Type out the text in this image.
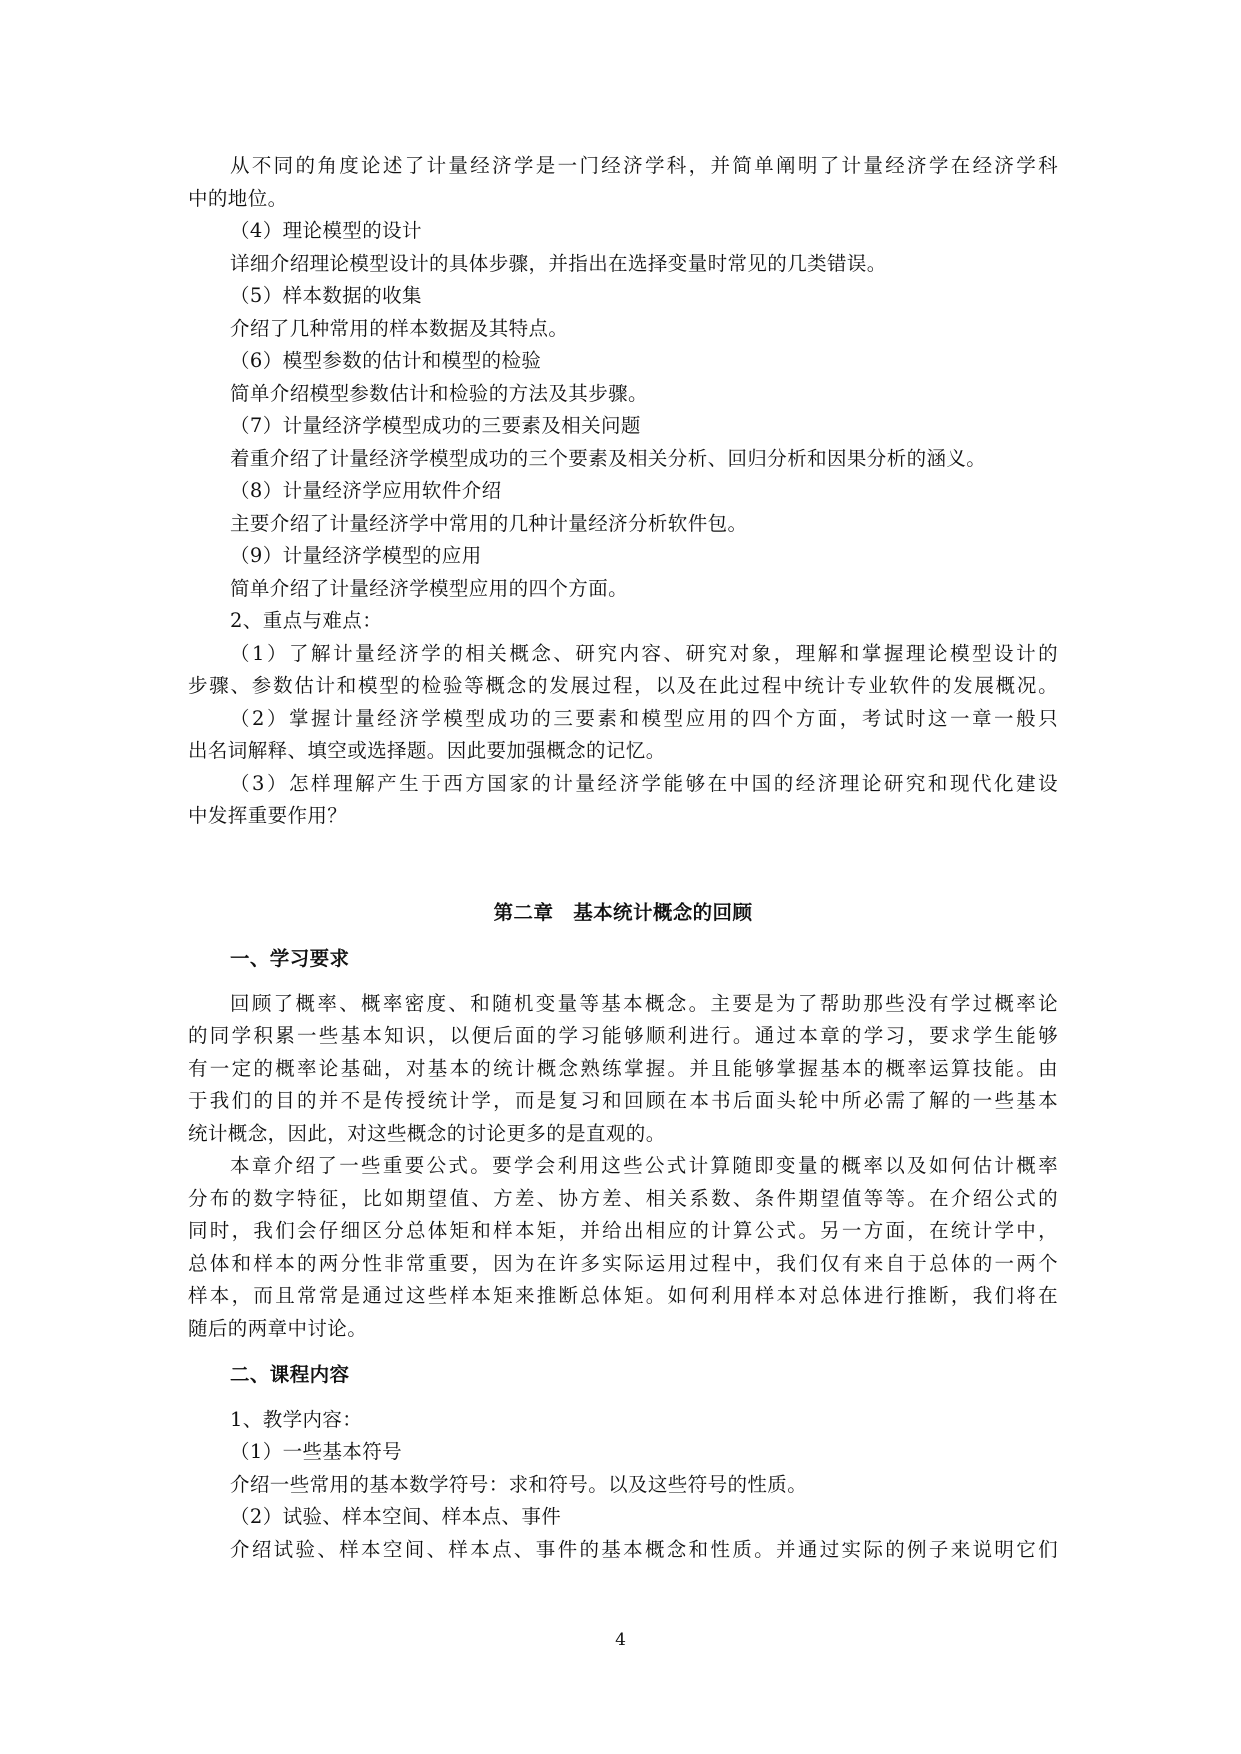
从不同的角度论述了计量经济学是一门经济学科，并简单阐明了计量经济学在经济学科
中的地位。
（4）理论模型的设计
详细介绍理论模型设计的具体步骤，并指出在选择变量时常见的几类错误。
（5）样本数据的收集
介绍了几种常用的样本数据及其特点。
（6）模型参数的估计和模型的检验
简单介绍模型参数估计和检验的方法及其步骤。
（7）计量经济学模型成功的三要素及相关问题
着重介绍了计量经济学模型成功的三个要素及相关分析、回归分析和因果分析的涵义。
（8）计量经济学应用软件介绍
主要介绍了计量经济学中常用的几种计量经济分析软件包。
（9）计量经济学模型的应用
简单介绍了计量经济学模型应用的四个方面。
2、重点与难点：
（1）了解计量经济学的相关概念、研究内容、研究对象，理解和掌握理论模型设计的
步骤、参数估计和模型的检验等概念的发展过程，以及在此过程中统计专业软件的发展概况。
（2）掌握计量经济学模型成功的三要素和模型应用的四个方面，考试时这一章一般只
出名词解释、填空或选择题。因此要加强概念的记忆。
（3）怎样理解产生于西方国家的计量经济学能够在中国的经济理论研究和现代化建设
中发挥重要作用？
第二章　基本统计概念的回顾
一、学习要求
回顾了概率、概率密度、和随机变量等基本概念。主要是为了帮助那些没有学过概率论
的同学积累一些基本知识，以便后面的学习能够顺利进行。通过本章的学习，要求学生能够
有一定的概率论基础，对基本的统计概念熟练掌握。并且能够掌握基本的概率运算技能。由
于我们的目的并不是传授统计学，而是复习和回顾在本书后面头轮中所必需了解的一些基本
统计概念，因此，对这些概念的讨论更多的是直观的。
本章介绍了一些重要公式。要学会利用这些公式计算随即变量的概率以及如何估计概率
分布的数字特征，比如期望值、方差、协方差、相关系数、条件期望值等等。在介绍公式的
同时，我们会仔细区分总体矩和样本矩，并给出相应的计算公式。另一方面，在统计学中，
总体和样本的两分性非常重要，因为在许多实际运用过程中，我们仅有来自于总体的一两个
样本，而且常常是通过这些样本矩来推断总体矩。如何利用样本对总体进行推断，我们将在
随后的两章中讨论。
二、课程内容
1、教学内容：
（1）一些基本符号
介绍一些常用的基本数学符号：求和符号。以及这些符号的性质。
（2）试验、样本空间、样本点、事件
介绍试验、样本空间、样本点、事件的基本概念和性质。并通过实际的例子来说明它们
4
